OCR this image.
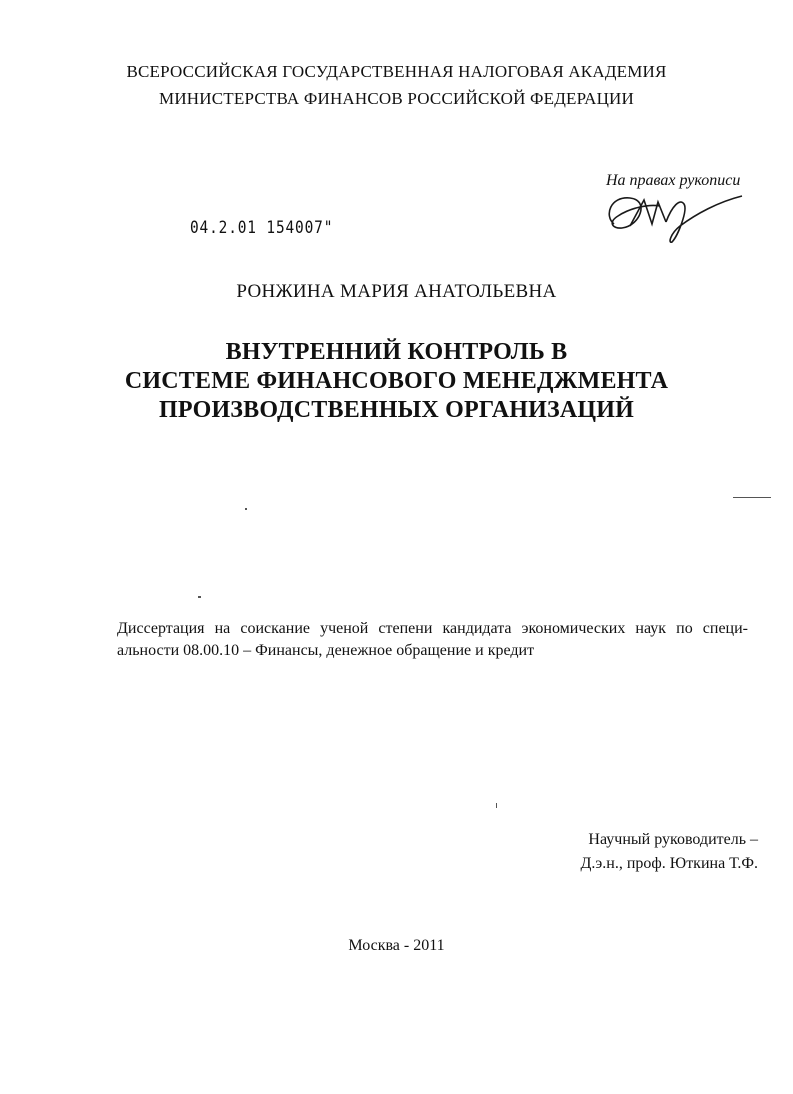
ВСЕРОССИЙСКАЯ ГОСУДАРСТВЕННАЯ НАЛОГОВАЯ АКАДЕМИЯ
МИНИСТЕРСТВА ФИНАНСОВ РОССИЙСКОЙ ФЕДЕРАЦИИ
На правах рукописи
04.2.01 154007"
РОНЖИНА МАРИЯ АНАТОЛЬЕВНА
ВНУТРЕННИЙ КОНТРОЛЬ В
СИСТЕМЕ ФИНАНСОВОГО МЕНЕДЖМЕНТА
ПРОИЗВОДСТВЕННЫХ ОРГАНИЗАЦИЙ
Диссертация на соискание ученой степени кандидата экономических наук по специ-
альности 08.00.10 – Финансы, денежное обращение и кредит
Научный руководитель –
Д.э.н., проф. Юткина Т.Ф.
Москва - 2011
